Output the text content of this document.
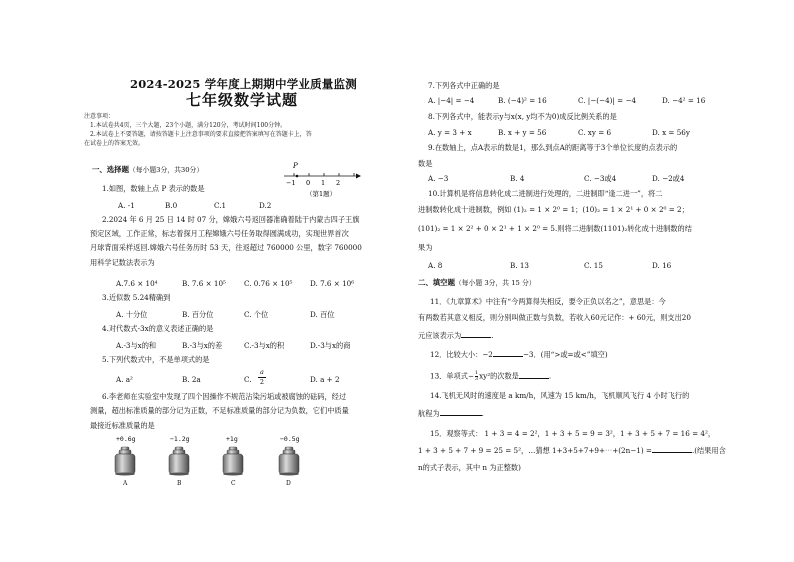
2024-2025 学年度上期期中学业质量监测
七年级数学试题
注意事项：
1.本试卷共4页，三个大题，23个小题，满分120分，考试时间100分钟。
2.本试卷上不要答题，请按答题卡上注意事项的要求直接把答案填写在答题卡上，答
在试卷上的答案无效。
一、选择题（每小题3分，共30分）	P
−1 0 1 2
（第1题）
1.如图，数轴上点 P 表示的数是
A. -1	B.0	C.1	D.2
2.2024 年 6 月 25 日 14 时 07 分，嫦娥六号返回器准确着陆于内蒙古四子王旗
预定区域，工作正常，标志着探月工程嫦娥六号任务取得圆满成功，实现世界首次
月球背面采样返回.嫦娥六号任务历时 53 天，往返超过 760000 公里，数字 760000
用科学记数法表示为
A.7.6 × 10⁴	B. 7.6 × 10⁵	C. 0.76 × 10⁵ D. 7.6 × 10⁶
3.近似数 5.24精确到
A. 十分位	B. 百分位	C. 个位	D. 百位
4.对代数式-3x的意义表述正确的是
A.-3与x的和	B.-3与x的差	C.-3与x的积	D.-3与x的商
5.下列代数式中，不是单项式的是
A. a²	B. 2a	C.
a
2	D. a + 2
6.李老师在实验室中发现了四个因操作不规范沾染污垢或被腐蚀的砝码，经过
测量，超出标准质量的部分记为正数，不足标准质量的部分记为负数，它们中质量
最接近标准质量的是
+0.6g	−1.2g	+1g	−0.5g
A	B	C	D
7.下列各式中正确的是
A. |−4| = −4	B. (−4)² = 16	C. |−(−4)| = −4	D. −4² = 16
8.下列各式中，能表示y与x(x, y均不为0)成反比例关系的是
A. y = 3 + x	B. x + y = 56	C. xy = 6	D. x = 56y
9.在数轴上，点A表示的数是1，那么到点A的距离等于3个单位长度的点表示的
数是
A. −3	B. 4	C. −3或4	D. −2或4
10.计算机是将信息转化成二进制进行处理的，二进制即“逢二进一”，将二
进制数转化成十进制数，例如 (1)₂ = 1 × 2⁰ = 1；(10)₂ = 1 × 2¹ + 0 × 2⁰ = 2；
(101)₂ = 1 × 2² + 0 × 2¹ + 1 × 2⁰ = 5.则将二进制数(1101)₂转化成十进制数的结
果为
A. 8	B. 13	C. 15	D. 16
二、填空题（每小题 3分，共 15 分）
11．《九章算术》中注有“今两算得失相反，要令正负以名之”，意思是：今
有两数若其意义相反，则分别叫做正数与负数，若收入60元记作：+ 60元，则支出20
元应该表示为	.
12．比较大小：−2	−3．(用“>或=或<”填空)
13．单项式− $\frac{1}{3} xy^2$的次数是	.
14.飞机无风时的速度是 a km/h，风速为 15 km/h，飞机顺风飞行 4 小时飞行的
航程为	.
15．观察等式： 1 + 3 = 4 = 2²，1 + 3 + 5 = 9 = 3²，1 + 3 + 5 + 7 = 16 = 4²，
1 + 3 + 5 + 7 + 9 = 25 = 5²，…猜想 1+3+5+7+9+⋯+(2n−1) =	.(结果用含
n的式子表示，其中 n 为正整数)
